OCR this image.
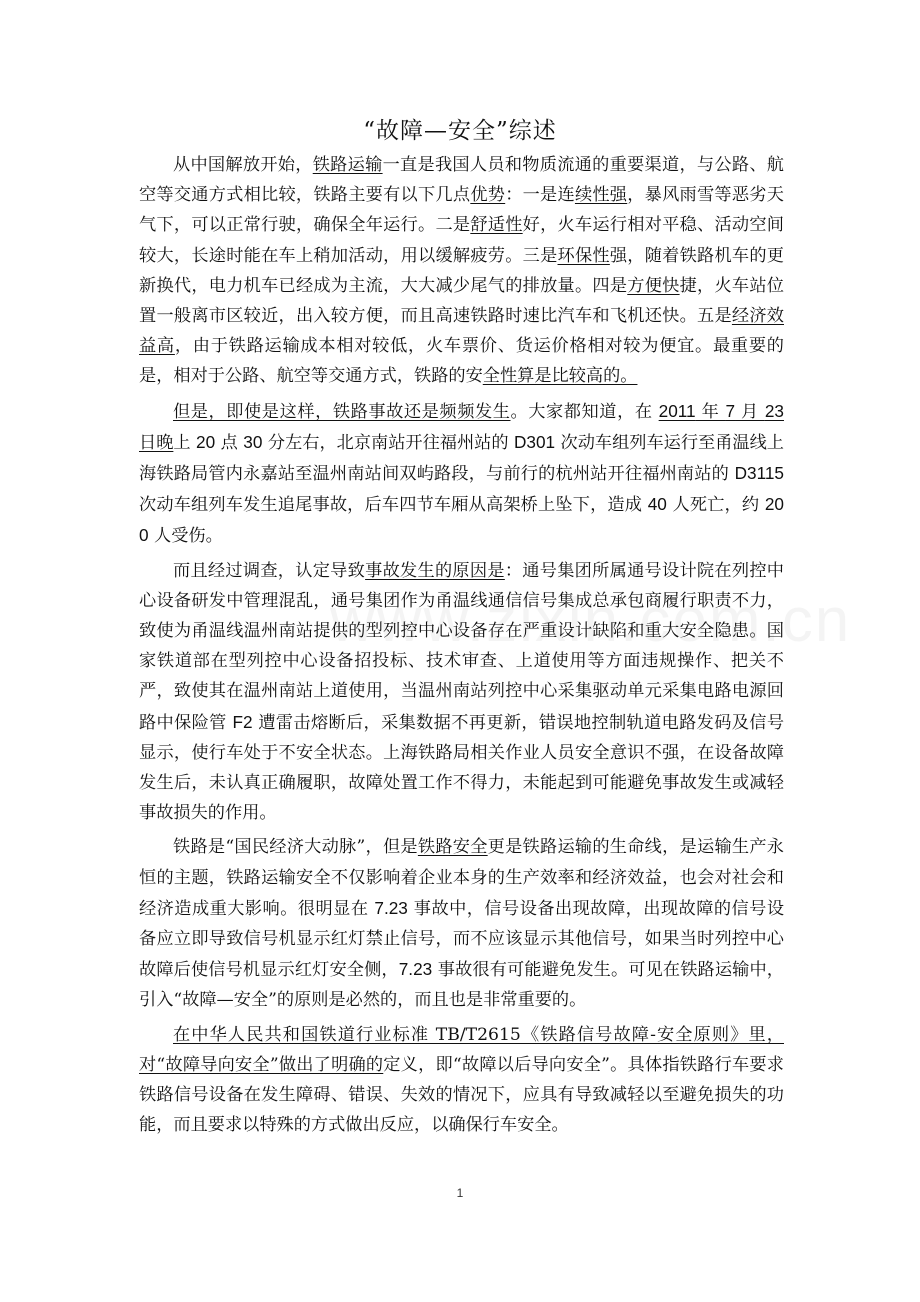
“故障—安全”综述

从中国解放开始，铁路运输一直是我国人员和物质流通的重要渠道，与公路、航空等交通方式相比较，铁路主要有以下几点优势：一是连续性强，暴风雨雪等恶劣天气下，可以正常行驶，确保全年运行。二是舒适性好，火车运行相对平稳、活动空间较大，长途时能在车上稍加活动，用以缓解疲劳。三是环保性强，随着铁路机车的更新换代，电力机车已经成为主流，大大减少尾气的排放量。四是方便快捷，火车站位置一般离市区较近，出入较方便，而且高速铁路时速比汽车和飞机还快。五是经济效益高，由于铁路运输成本相对较低，火车票价、货运价格相对较为便宜。最重要的是，相对于公路、航空等交通方式，铁路的安全性算是比较高的。

但是，即使是这样，铁路事故还是频频发生。大家都知道，在 2011 年 7 月 23 日晚上 20 点 30 分左右，北京南站开往福州站的 D301 次动车组列车运行至甬温线上海铁路局管内永嘉站至温州南站间双屿路段，与前行的杭州站开往福州南站的 D3115 次动车组列车发生追尾事故，后车四节车厢从高架桥上坠下，造成 40 人死亡，约 200 人受伤。

而且经过调查，认定导致事故发生的原因是：通号集团所属通号设计院在列控中心设备研发中管理混乱，通号集团作为甬温线通信信号集成总承包商履行职责不力，致使为甬温线温州南站提供的型列控中心设备存在严重设计缺陷和重大安全隐患。国家铁道部在型列控中心设备招投标、技术审查、上道使用等方面违规操作、把关不严，致使其在温州南站上道使用，当温州南站列控中心采集驱动单元采集电路电源回路中保险管 F2 遭雷击熔断后，采集数据不再更新，错误地控制轨道电路发码及信号显示，使行车处于不安全状态。上海铁路局相关作业人员安全意识不强，在设备故障发生后，未认真正确履职，故障处置工作不得力，未能起到可能避免事故发生或减轻事故损失的作用。

铁路是“国民经济大动脉”，但是铁路安全更是铁路运输的生命线，是运输生产永恒的主题，铁路运输安全不仅影响着企业本身的生产效率和经济效益，也会对社会和经济造成重大影响。很明显在 7.23 事故中，信号设备出现故障，出现故障的信号设备应立即导致信号机显示红灯禁止信号，而不应该显示其他信号，如果当时列控中心故障后使信号机显示红灯安全侧，7.23 事故很有可能避免发生。可见在铁路运输中，引入“故障—安全”的原则是必然的，而且也是非常重要的。

在中华人民共和国铁道行业标准 TB/T2615《铁路信号故障-安全原则》里，对“故障导向安全”做出了明确的定义，即“故障以后导向安全”。具体指铁路行车要求铁路信号设备在发生障碍、错误、失效的情况下，应具有导致减轻以至避免损失的功能，而且要求以特殊的方式做出反应，以确保行车安全。

1
